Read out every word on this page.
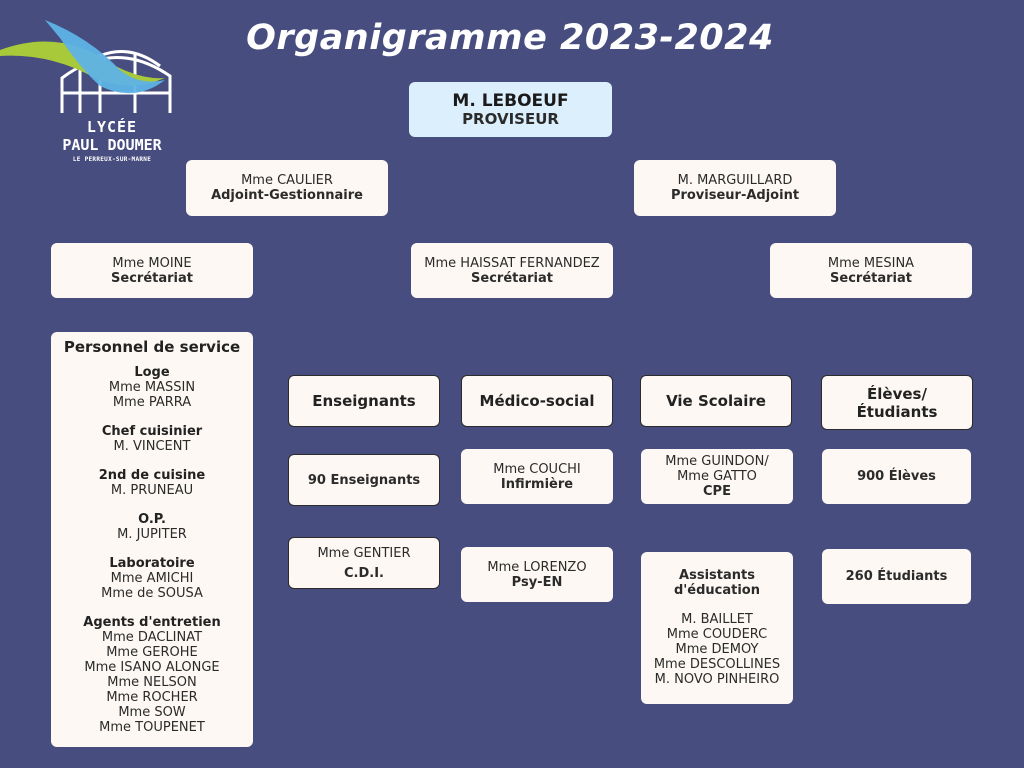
LYCÉE
PAUL DOUMER
LE PERREUX-SUR-MARNE
Organigramme 2023-2024
M. LEBOEUF
PROVISEUR
Mme CAULIER
Adjoint-Gestionnaire
M. MARGUILLARD
Proviseur-Adjoint
Mme MOINE
Secrétariat
Mme HAISSAT FERNANDEZ
Secrétariat
Mme MESINA
Secrétariat
Personnel de service
Loge
Mme MASSIN
Mme PARRA
Chef cuisinier
M. VINCENT
2nd de cuisine
M. PRUNEAU
O.P.
M. JUPITER
Laboratoire
Mme AMICHI
Mme de SOUSA
Agents d'entretien
Mme DACLINAT
Mme GEROHE
Mme ISANO ALONGE
Mme NELSON
Mme ROCHER
Mme SOW
Mme TOUPENET
Enseignants	Médico-social	Vie Scolaire	Élèves/ Étudiants
90 Enseignants
Mme GENTIER
C.D.I.
Mme COUCHI
Infirmière
Mme LORENZO
Psy-EN
Mme GUINDON/
Mme GATTO
CPE
Assistants
d'éducation
M. BAILLET
Mme COUDERC
Mme DEMOY
Mme DESCOLLINES
M. NOVO PINHEIRO
900 Élèves
260 Étudiants
